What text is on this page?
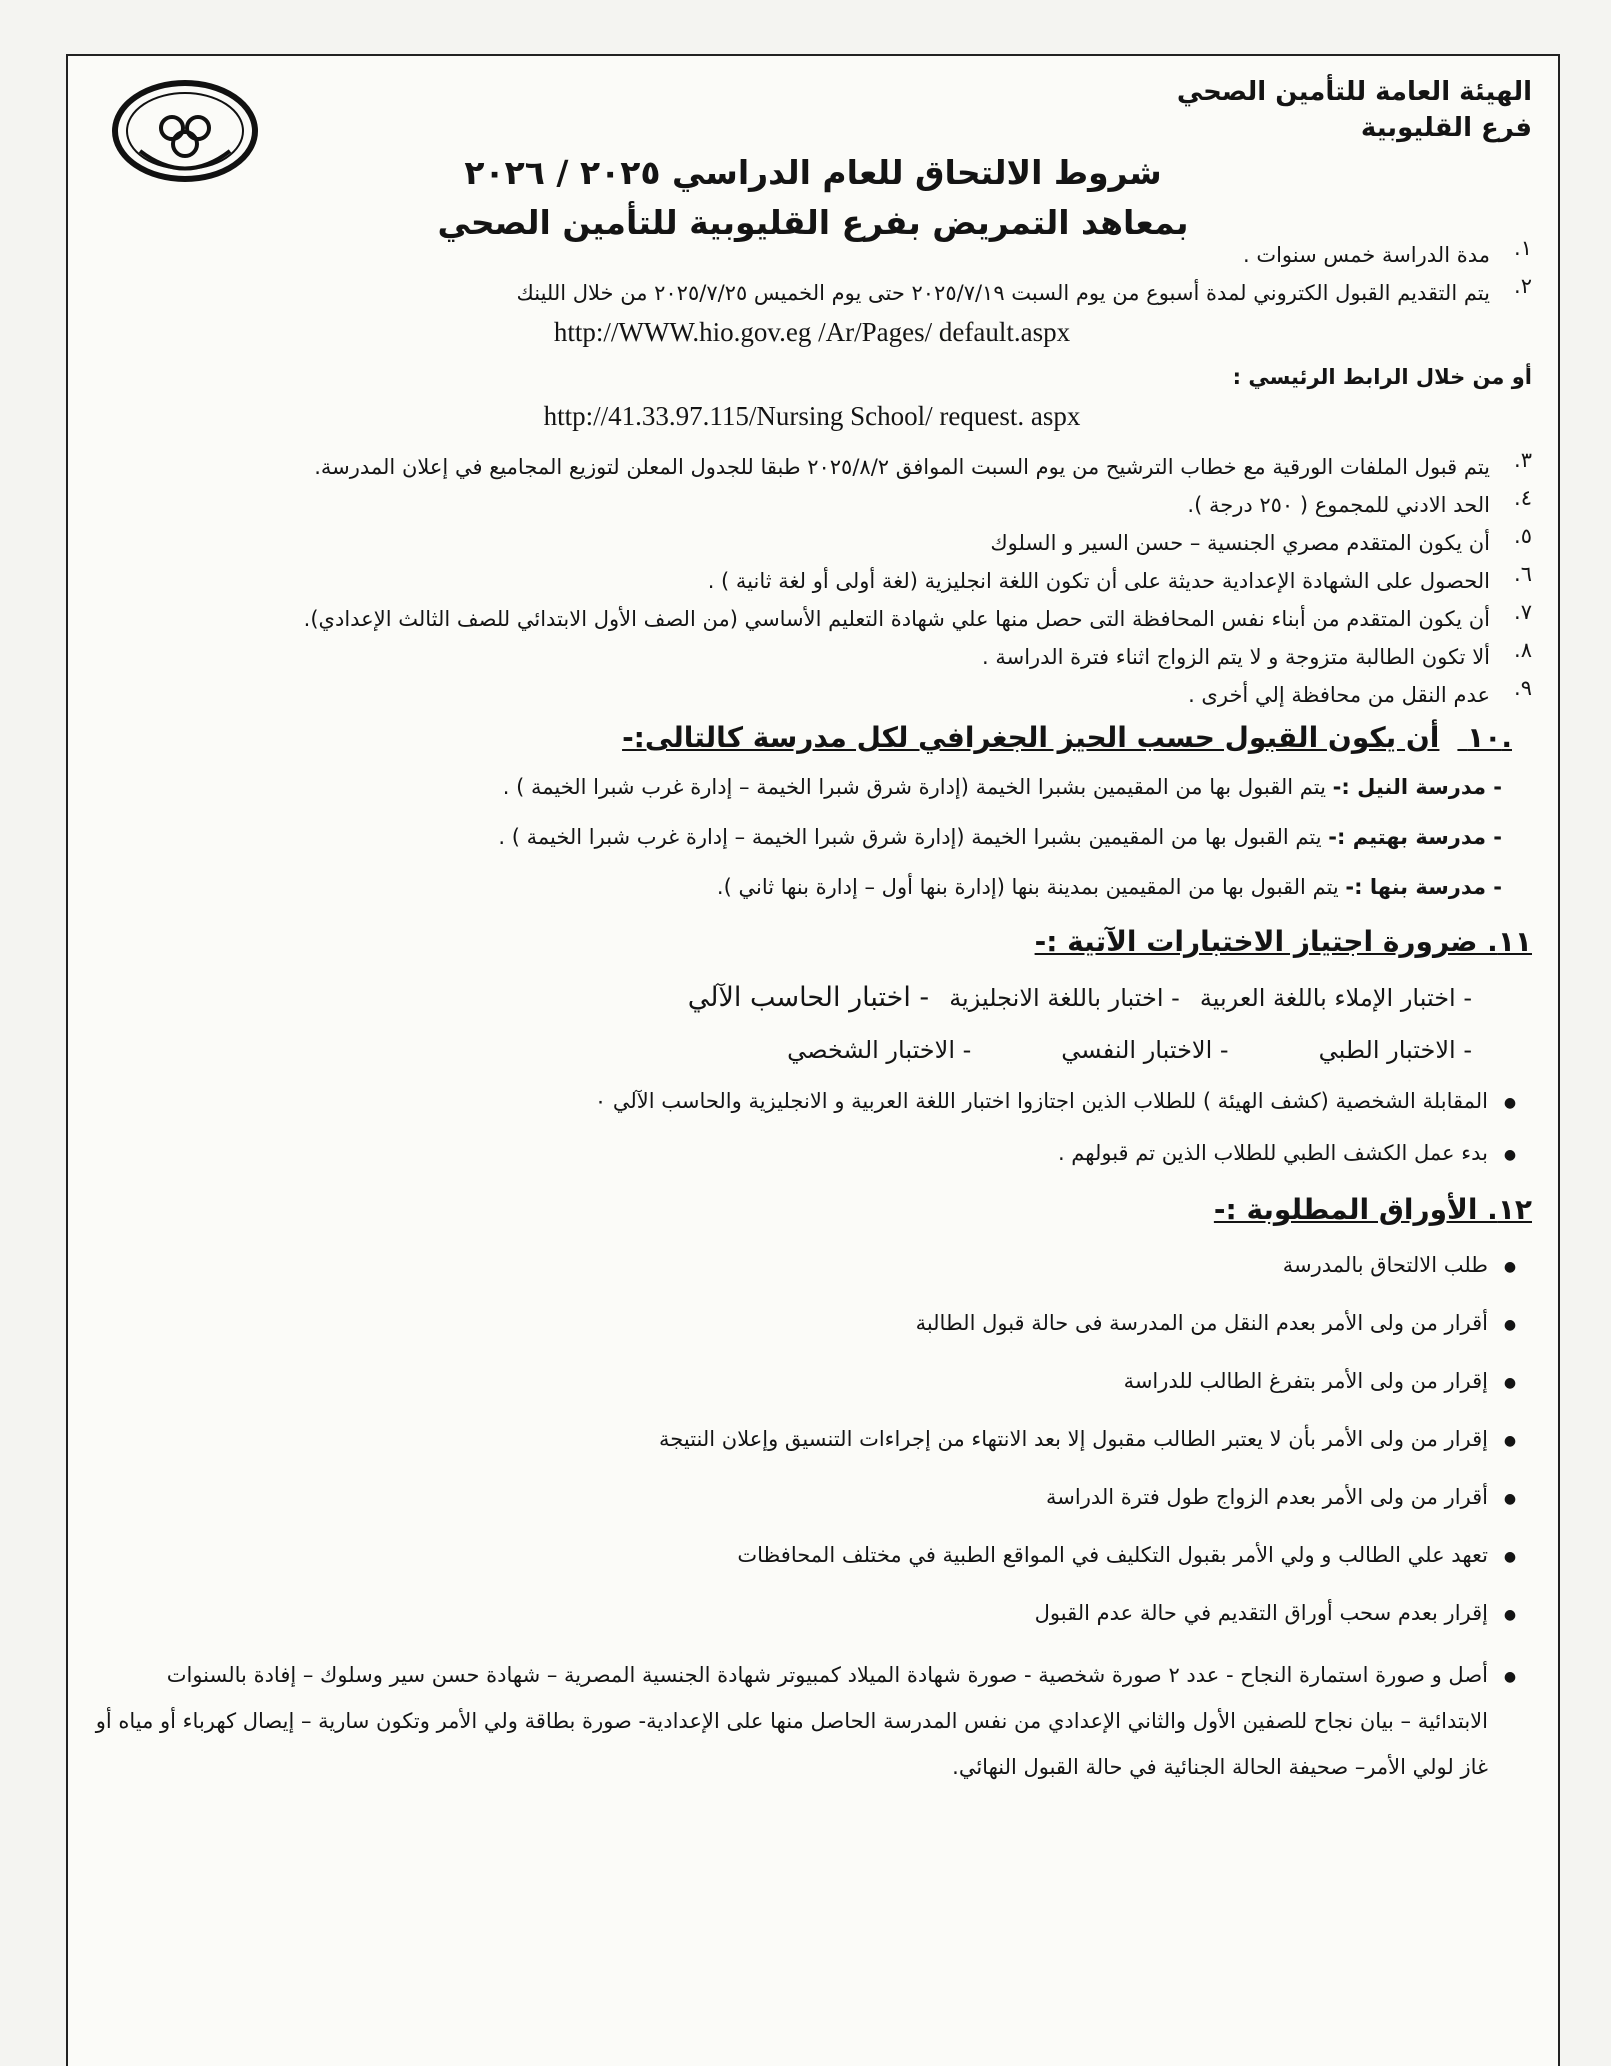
الهيئة العامة للتأمين الصحي
فرع القليوبية
شروط الالتحاق للعام الدراسي ٢٠٢٥ / ٢٠٢٦
بمعاهد التمريض بفرع القليوبية للتأمين الصحي
١.
مدة الدراسة خمس سنوات .
٢.
يتم التقديم القبول الكتروني لمدة أسبوع من يوم السبت ٢٠٢٥/٧/١٩ حتى يوم الخميس ٢٠٢٥/٧/٢٥ من خلال اللينك
http://WWW.hio.gov.eg /Ar/Pages/ default.aspx
أو من خلال الرابط الرئيسي :
http://41.33.97.115/Nursing School/ request. aspx
٣.
يتم قبول الملفات الورقية مع خطاب الترشيح من يوم السبت الموافق ٢٠٢٥/٨/٢ طبقا للجدول المعلن لتوزيع المجاميع في إعلان المدرسة.
٤.
الحد الادني للمجموع ( ٢٥٠ درجة ).
٥.
أن يكون المتقدم مصري الجنسية – حسن السير و السلوك
٦.
الحصول على الشهادة الإعدادية حديثة على أن تكون اللغة انجليزية (لغة أولى أو لغة ثانية ) .
٧.
أن يكون المتقدم من أبناء نفس المحافظة التى حصل منها علي شهادة التعليم الأساسي (من الصف الأول الابتدائي للصف الثالث الإعدادي).
٨.
ألا تكون الطالبة متزوجة و لا يتم الزواج اثناء فترة الدراسة .
٩.
عدم النقل من محافظة إلي أخرى .
.١٠ أن يكون القبول حسب الحيز الجغرافي لكل مدرسة كالتالى:-
- مدرسة النيل :- يتم القبول بها من المقيمين بشبرا الخيمة (إدارة شرق شبرا الخيمة – إدارة غرب شبرا الخيمة ) .
- مدرسة بهتيم :- يتم القبول بها من المقيمين بشبرا الخيمة (إدارة شرق شبرا الخيمة – إدارة غرب شبرا الخيمة ) .
- مدرسة بنها :- يتم القبول بها من المقيمين بمدينة بنها (إدارة بنها أول – إدارة بنها ثاني ).
١١. ضرورة اجتياز الاختبارات الآتية :-
- اختبار الإملاء باللغة العربية
- اختبار باللغة الانجليزية
- اختبار الحاسب الآلي
- الاختبار الطبي
- الاختبار النفسي
- الاختبار الشخصي
●
المقابلة الشخصية (كشف الهيئة ) للطلاب الذين اجتازوا اختبار اللغة العربية و الانجليزية والحاسب الآلي ٠
●
بدء عمل الكشف الطبي للطلاب الذين تم قبولهم .
١٢. الأوراق المطلوبة :-
●
طلب الالتحاق بالمدرسة
●
أقرار من ولى الأمر بعدم النقل من المدرسة فى حالة قبول الطالبة
●
إقرار من ولى الأمر بتفرغ الطالب للدراسة
●
إقرار من ولى الأمر بأن لا يعتبر الطالب مقبول إلا بعد الانتهاء من إجراءات التنسيق وإعلان النتيجة
●
أقرار من ولى الأمر بعدم الزواج طول فترة الدراسة
●
تعهد علي الطالب و ولي الأمر بقبول التكليف في المواقع الطبية في مختلف المحافظات
●
إقرار بعدم سحب أوراق التقديم في حالة عدم القبول
●
أصل و صورة استمارة النجاح - عدد ٢ صورة شخصية - صورة شهادة الميلاد كمبيوتر شهادة الجنسية المصرية – شهادة حسن سير وسلوك – إفادة بالسنوات الابتدائية – بيان نجاح للصفين الأول والثاني الإعدادي من نفس المدرسة الحاصل منها على الإعدادية- صورة بطاقة ولي الأمر وتكون سارية – إيصال كهرباء أو مياه أو غاز لولي الأمر– صحيفة الحالة الجنائية في حالة القبول النهائي.
